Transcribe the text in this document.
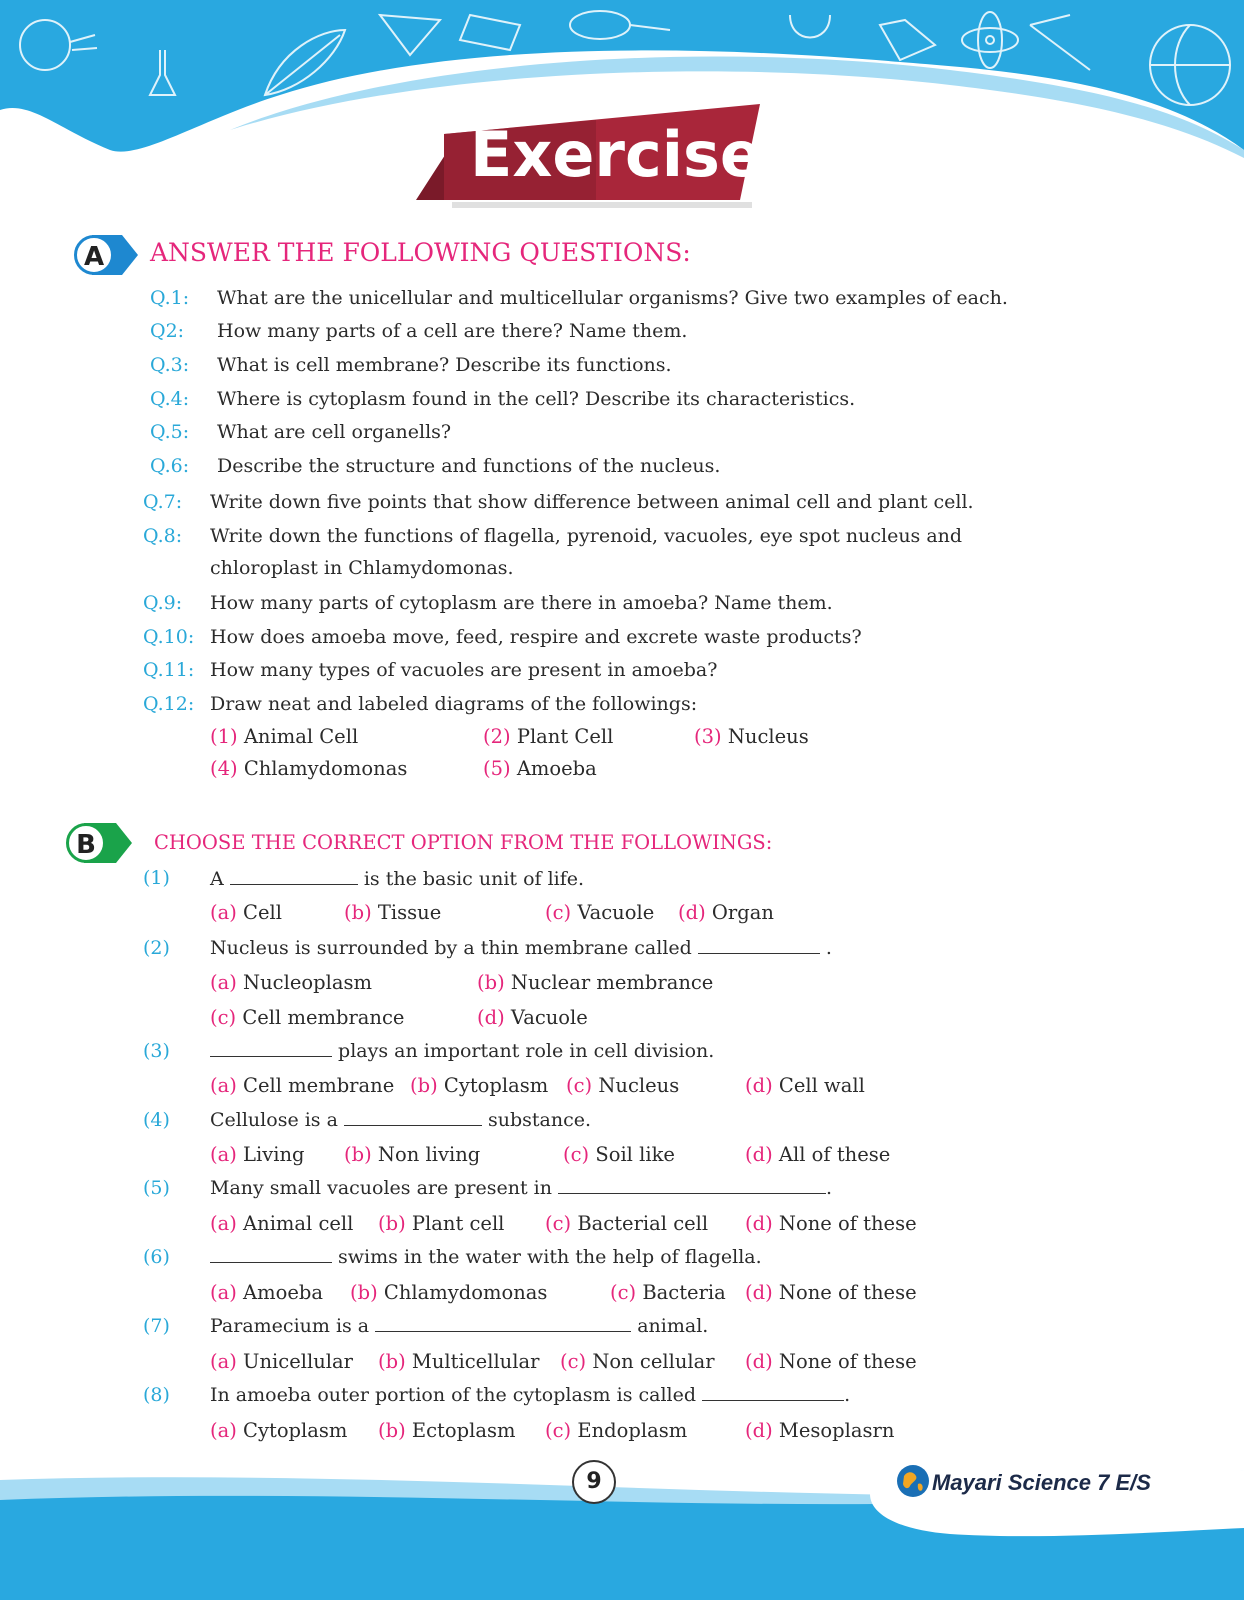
Exercise
A	ANSWER THE FOLLOWING QUESTIONS:
Q.1: What are the unicellular and multicellular organisms? Give two examples of each.
Q2: How many parts of a cell are there? Name them.
Q.3: What is cell membrane? Describe its functions.
Q.4: Where is cytoplasm found in the cell? Describe its characteristics.
Q.5: What are cell organells?
Q.6: Describe the structure and functions of the nucleus.
Q.7: Write down five points that show difference between animal cell and plant cell.
Q.8: Write down the functions of flagella, pyrenoid, vacuoles, eye spot nucleus and
chloroplast in Chlamydomonas.
Q.9: How many parts of cytoplasm are there in amoeba? Name them.
Q.10: How does amoeba move, feed, respire and excrete waste products?
Q.11: How many types of vacuoles are present in amoeba?
Q.12: Draw neat and labeled diagrams of the followings:
(1) Animal Cell	(2) Plant Cell	(3) Nucleus
(4) Chlamydomonas	(5) Amoeba
B	CHOOSE THE CORRECT OPTION FROM THE FOLLOWINGS:
(1) A	is the basic unit of life.
(a) Cell	(b) Tissue	(c) Vacuole (d) Organ
(2) Nucleus is surrounded by a thin membrane called	.
(a) Nucleoplasm	(b) Nuclear membrance
(c) Cell membrance	(d) Vacuole
(3)	plays an important role in cell division.
(a) Cell membrane (b) Cytoplasm (c) Nucleus	(d) Cell wall
(4) Cellulose is a	substance.
(a) Living (b) Non living	(c) Soil like	(d) All of these
(5) Many small vacuoles are present in	.
(a) Animal cell (b) Plant cell (c) Bacterial cell (d) None of these
(6)	swims in the water with the help of flagella.
(a) Amoeba (b) Chlamydomonas	(c) Bacteria (d) None of these
(7) Paramecium is a	animal.
(a) Unicellular (b) Multicellular (c) Non cellular (d) None of these
(8) In amoeba outer portion of the cytoplasm is called	.
(a) Cytoplasm (b) Ectoplasm (c) Endoplasm	(d) Mesoplasrn
9	Mayari Science 7 E/S
